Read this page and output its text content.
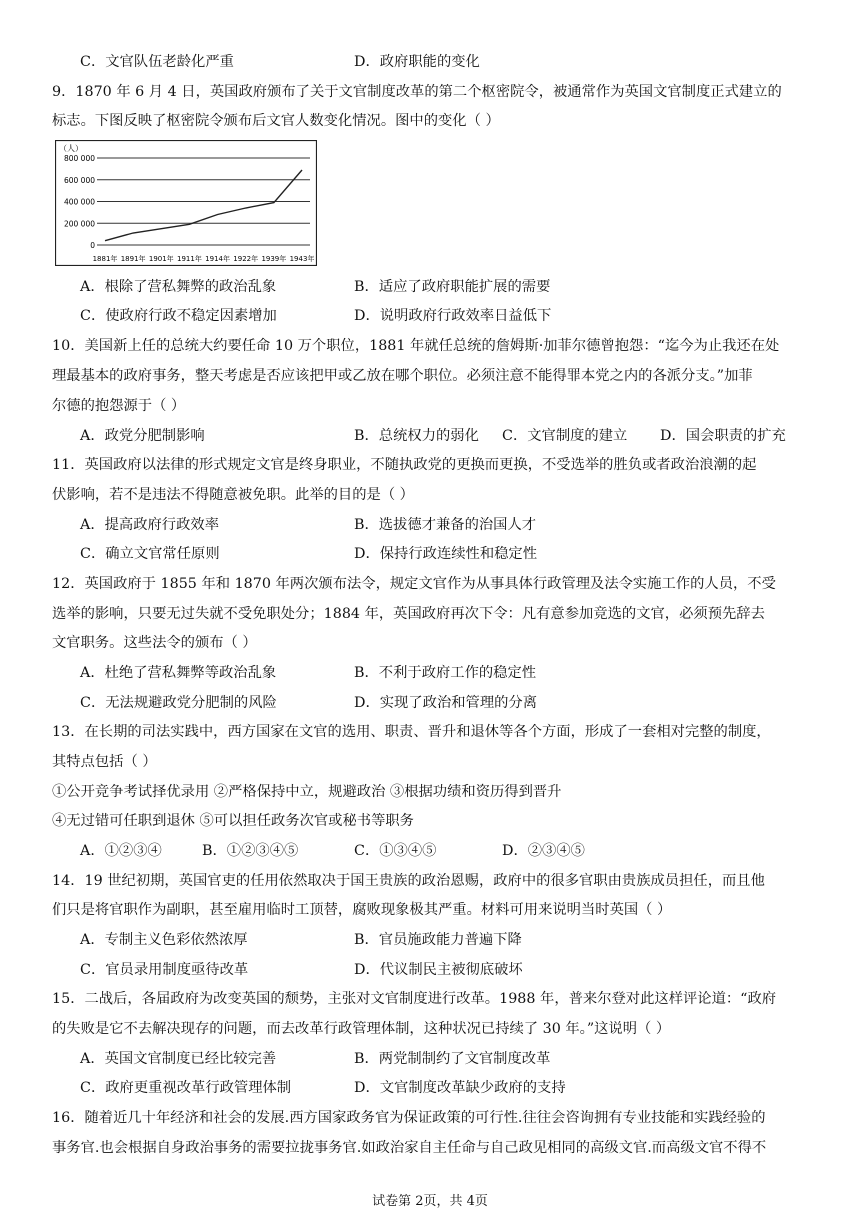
C．文官队伍老龄化严重	D．政府职能的变化
9．1870 年 6 月 4 日，英国政府颁布了关于文官制度改革的第二个枢密院令，被通常作为英国文官制度正式建立的
标志。下图反映了枢密院令颁布后文官人数变化情况。图中的变化（ ）
（人）
800 000
600 000
400 000
200 000
0
1881年 1891年 1901年 1911年 1914年 1922年 1939年 1943年
A．根除了营私舞弊的政治乱象	B．适应了政府职能扩展的需要
C．使政府行政不稳定因素增加	D．说明政府行政效率日益低下
10．美国新上任的总统大约要任命 10 万个职位，1881 年就任总统的詹姆斯·加菲尔德曾抱怨：“迄今为止我还在处
理最基本的政府事务，整天考虑是否应该把甲或乙放在哪个职位。必须注意不能得罪本党之内的各派分支。”加菲
尔德的抱怨源于（ ）
A．政党分肥制影响	B．总统权力的弱化 C．文官制度的建立 D．国会职责的扩充
11．英国政府以法律的形式规定文官是终身职业，不随执政党的更换而更换，不受选举的胜负或者政治浪潮的起
伏影响，若不是违法不得随意被免职。此举的目的是（ ）
A．提高政府行政效率	B．选拔德才兼备的治国人才
C．确立文官常任原则	D．保持行政连续性和稳定性
12．英国政府于 1855 年和 1870 年两次颁布法令，规定文官作为从事具体行政管理及法令实施工作的人员，不受
选举的影响，只要无过失就不受免职处分；1884 年，英国政府再次下令：凡有意参加竞选的文官，必须预先辞去
文官职务。这些法令的颁布（ ）
A．杜绝了营私舞弊等政治乱象	B．不利于政府工作的稳定性
C．无法规避政党分肥制的风险	D．实现了政治和管理的分离
13．在长期的司法实践中，西方国家在文官的选用、职责、晋升和退休等各个方面，形成了一套相对完整的制度，
其特点包括（ ）
①公开竞争考试择优录用 ②严格保持中立，规避政治 ③根据功绩和资历得到晋升
④无过错可任职到退休 ⑤可以担任政务次官或秘书等职务
A．①②③④	B．①②③④⑤	C．①③④⑤	D．②③④⑤
14．19 世纪初期，英国官吏的任用依然取决于国王贵族的政治恩赐，政府中的很多官职由贵族成员担任，而且他
们只是将官职作为副职，甚至雇用临时工顶替，腐败现象极其严重。材料可用来说明当时英国（ ）
A．专制主义色彩依然浓厚	B．官员施政能力普遍下降
C．官员录用制度亟待改革	D．代议制民主被彻底破坏
15．二战后，各届政府为改变英国的颓势，主张对文官制度进行改革。1988 年，普来尔登对此这样评论道：“政府
的失败是它不去解决现存的问题，而去改革行政管理体制，这种状况已持续了 30 年。”这说明（ ）
A．英国文官制度已经比较完善	B．两党制制约了文官制度改革
C．政府更重视改革行政管理体制	D．文官制度改革缺少政府的支持
16．随着近几十年经济和社会的发展.西方国家政务官为保证政策的可行性.往往会咨询拥有专业技能和实践经验的
事务官.也会根据自身政治事务的需要拉拢事务官.如政治家自主任命与自己政见相同的高级文官.而高级文官不得不
试卷第 2页，共 4页
